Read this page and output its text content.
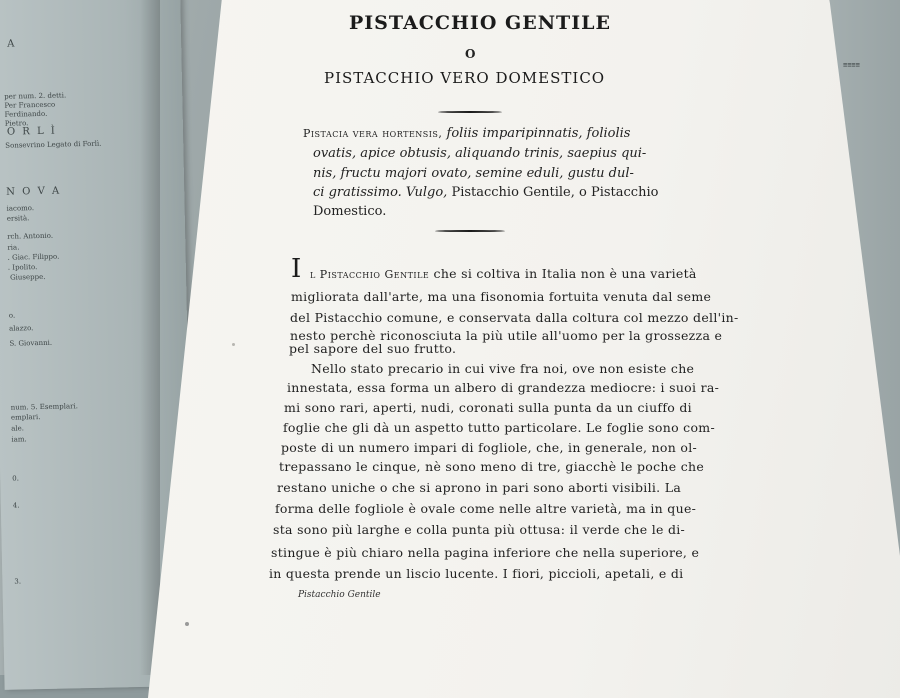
≡≡≡≡
A
per num. 2. detti.
Per Francesco
Ferdinando.
Pietro.
O R L Ì
Sonsevrino Legato di Forlì.
N O V A
iacomo.
ersità.
rch. Antonio.
ria.
. Giac. Filippo.
. Ipolito.
Giuseppe.
o.
alazzo.
S. Giovanni.
num. 5. Esemplari.
emplari.
ale.
iam.
0.
4.
3.
PISTACCHIO GENTILE
O
PISTACCHIO VERO DOMESTICO
Pistacia vera hortensis, foliis imparipinnatis, foliolis
ovatis, apice obtusis, aliquando trinis, saepius qui-
nis, fructu majori ovato, semine eduli, gustu dul-
ci gratissimo. Vulgo, Pistacchio Gentile, o Pistacchio
Domestico.
I l Pistacchio Gentile che si coltiva in Italia non è una varietà
migliorata dall'arte, ma una fisonomia fortuita venuta dal seme
del Pistacchio comune, e conservata dalla coltura col mezzo dell'in-
nesto perchè riconosciuta la più utile all'uomo per la grossezza e
pel sapore del suo frutto.
Nello stato precario in cui vive fra noi, ove non esiste che
innestata, essa forma un albero di grandezza mediocre: i suoi ra-
mi sono rari, aperti, nudi, coronati sulla punta da un ciuffo di
foglie che gli dà un aspetto tutto particolare. Le foglie sono com-
poste di un numero impari di fogliole, che, in generale, non ol-
trepassano le cinque, nè sono meno di tre, giacchè le poche che
restano uniche o che si aprono in pari sono aborti visibili. La
forma delle fogliole è ovale come nelle altre varietà, ma in que-
sta sono più larghe e colla punta più ottusa: il verde che le di-
stingue è più chiaro nella pagina inferiore che nella superiore, e
in questa prende un liscio lucente. I fiori, piccioli, apetali, e di
Pistacchio Gentile
